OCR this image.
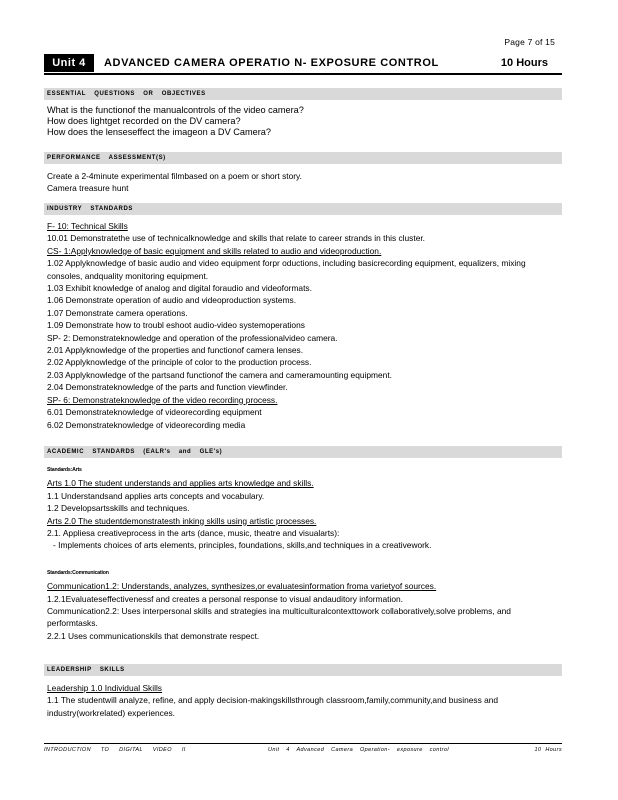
Page 7 of 15
Unit 4	ADVANCED CAMERA OPERATIO N- EXPOSURE CONTROL	10 Hours
ESSENTIAL QUESTIONS OR OBJECTIVES

What is the functionof the manualcontrols of the video camera?

How does lightget recorded on the DV camera?

How does the lenseseffect the imageon a DV Camera?

PERFORMANCE ASSESSMENT(S)

Create a 2-4minute experimental filmbased on a poem or short story.

Camera treasure hunt

INDUSTRY STANDARDS

F- 10: Technical Skills

10.01 Demonstratethe use of technicalknowledge and skills that relate to career strands in this cluster.

CS- 1:Applyknowledge of basic equipment and skills related to audio and videoproduction.

1.02 Applyknowledge of basic audio and video equipment forpr oductions, including basicrecording equipment, equalizers, mixing consoles, andquality monitoring equipment.

1.03 Exhibit knowledge of analog and digital foraudio and videoformats.

1.06 Demonstrate operation of audio and videoproduction systems.

1.07 Demonstrate camera operations.

1.09 Demonstrate how to troubl eshoot audio-video systemoperations

SP- 2: Demonstrateknowledge and operation of the professionalvideo camera.

2.01 Applyknowledge of the properties and functionof camera lenses.

2.02 Applyknowledge of the principle of color to the production process.

2.03 Applyknowledge of the partsand functionof the camera and cameramounting equipment.

2.04 Demonstrateknowledge of the parts and function viewfinder.

SP- 6: Demonstrateknowledge of the video recording process.

6.01 Demonstrateknowledge of videorecording equipment

6.02 Demonstrateknowledge of videorecording media

ACADEMIC STANDARDS (EALR's and GLE's)
Standards:Arts

Arts 1.0 The student understands and applies arts knowledge and skills.

1.1 Understandsand applies arts concepts and vocabulary.

1.2 Developsartsskills and techniques.

Arts 2.0 The studentdemonstratesth inking skills using artistic processes.

2.1. Appliesa creativeprocess in the arts (dance, music, theatre and visualarts):

- Implements choices of arts elements, principles, foundations, skills,and techniques in a creativework.

Standards:Communication

Communication1.2: Understands, analyzes, synthesizes,or evaluatesinformation froma varietyof sources.

1.2.1Evaluateseffectivenessf and creates a personal response to visual andauditory information.

Communication2.2: Uses interpersonal skills and strategies ina multiculturalcontexttowork collaboratively,solve problems, and performtasks.

2.2.1 Uses communicationskils that demonstrate respect.

LEADERSHIP SKILLS

Leadership 1.0 Individual Skills

1.1 The studentwill analyze, refine, and apply decision-makingskillsthrough classroom,family,community,and business and industry(workrelated) experiences.

INTRODUCTION TO DIGITAL VIDEO II	Unit 4 Advanced Camera Operation- exposure control	10 Hours
